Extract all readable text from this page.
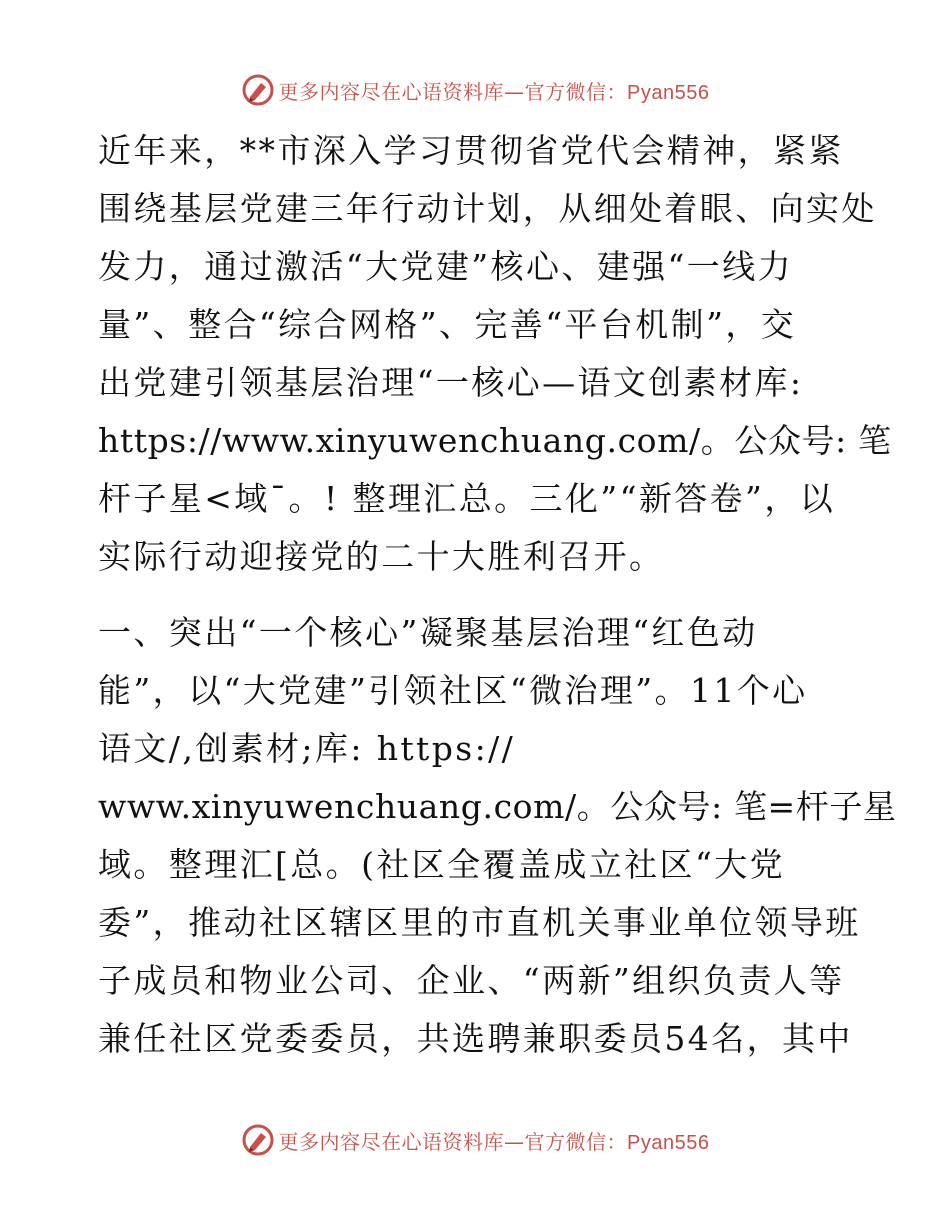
更多内容尽在心语资料库—官方微信：Pyan556
近年来，**市深入学习贯彻省党代会精神，紧紧
围绕基层党建三年行动计划，从细处着眼、向实处
发力，通过激活“大党建”核心、建强“一线力
量”、整合“综合网格”、完善“平台机制”，交
出党建引领基层治理“一核心—语文创素材库:
https://www.xinyuwenchuang.com/。公众号: 笔
杆子星<域¯。! 整理汇总。三化”“新答卷”，以
实际行动迎接党的二十大胜利召开。
一、突出“一个核心”凝聚基层治理“红色动
能”，以“大党建”引领社区“微治理”。11个心
语文/,创素材;库: https://
www.xinyuwenchuang.com/。公众号: 笔=杆子星
域。整理汇[总。(社区全覆盖成立社区“大党
委”，推动社区辖区里的市直机关事业单位领导班
子成员和物业公司、企业、“两新”组织负责人等
兼任社区党委委员，共选聘兼职委员54名，其中
更多内容尽在心语资料库—官方微信：Pyan556
